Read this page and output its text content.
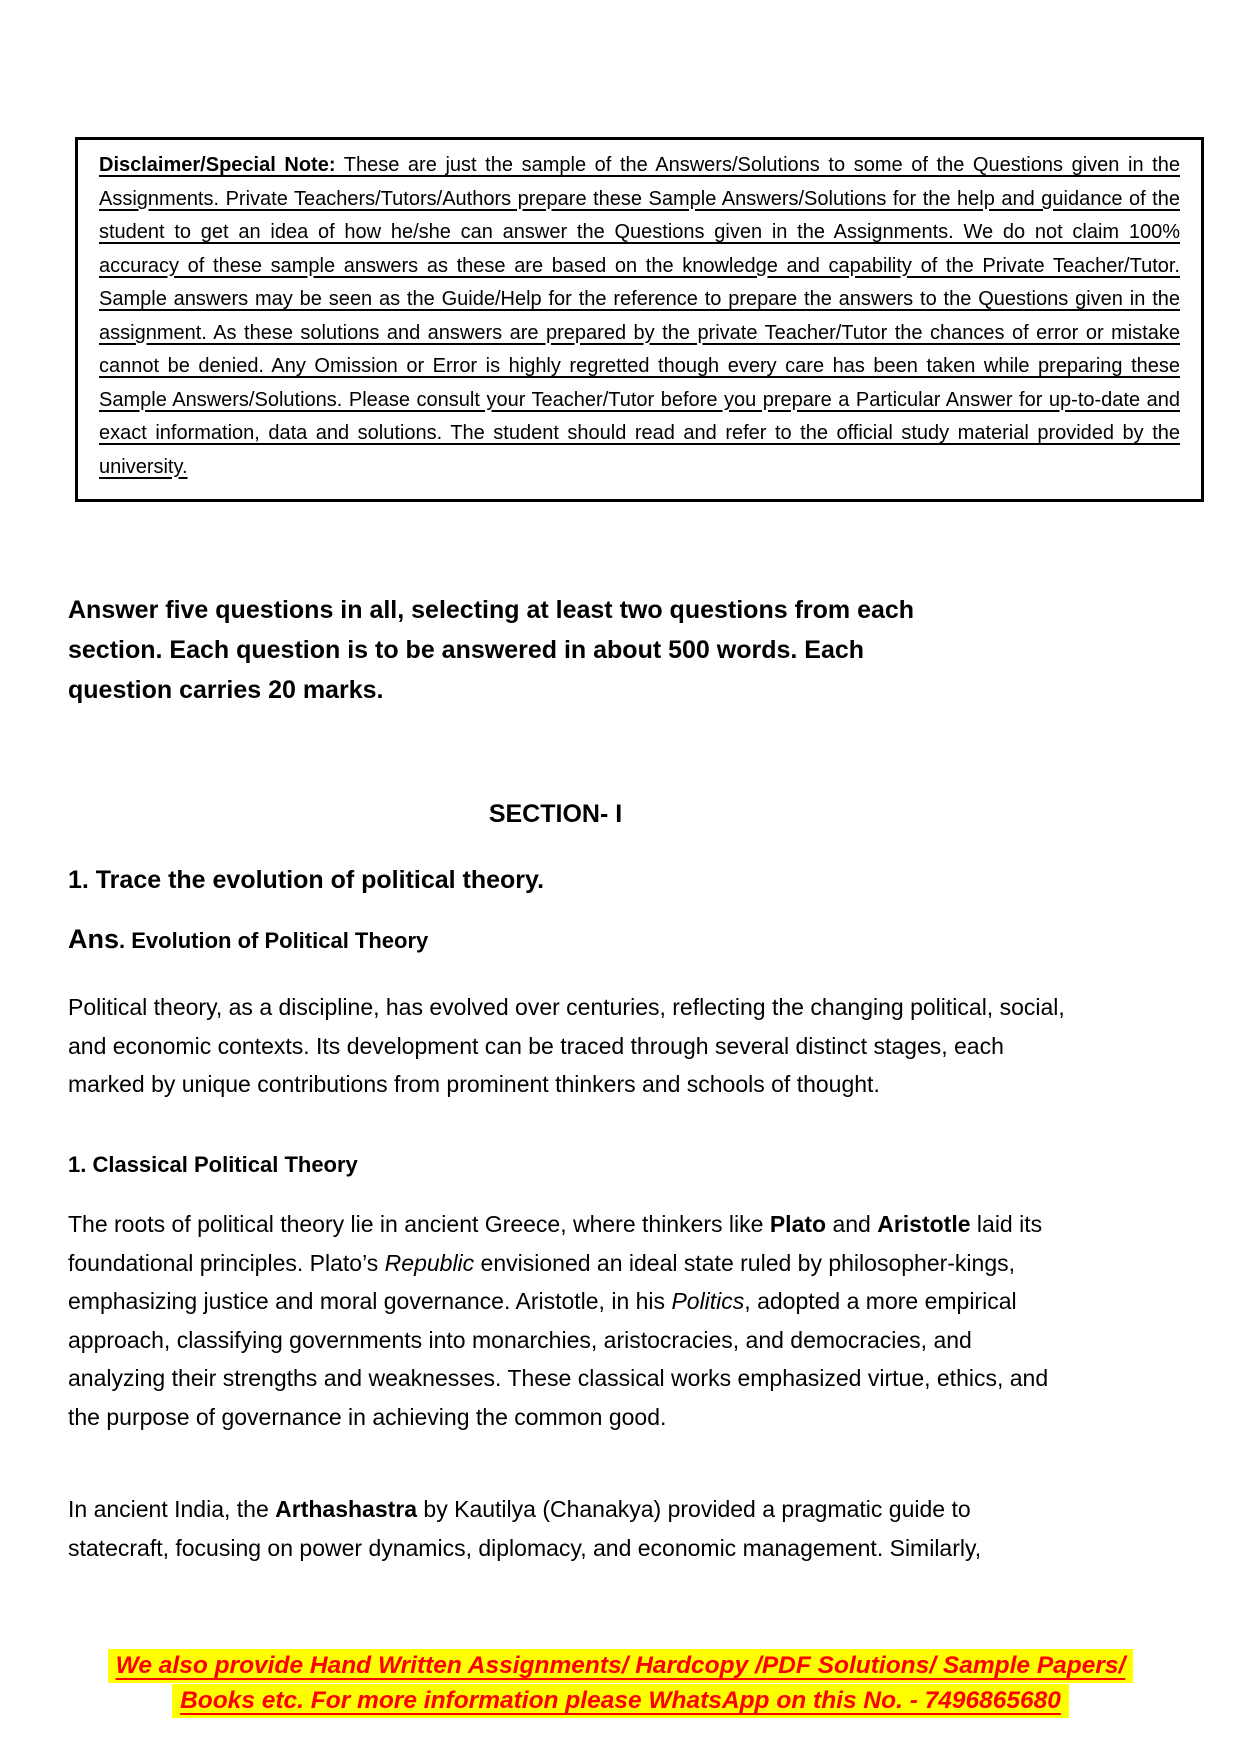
Disclaimer/Special Note: These are just the sample of the Answers/Solutions to some of the Questions given in the Assignments. Private Teachers/Tutors/Authors prepare these Sample Answers/Solutions for the help and guidance of the student to get an idea of how he/she can answer the Questions given in the Assignments. We do not claim 100% accuracy of these sample answers as these are based on the knowledge and capability of the Private Teacher/Tutor. Sample answers may be seen as the Guide/Help for the reference to prepare the answers to the Questions given in the assignment. As these solutions and answers are prepared by the private Teacher/Tutor the chances of error or mistake cannot be denied. Any Omission or Error is highly regretted though every care has been taken while preparing these Sample Answers/Solutions. Please consult your Teacher/Tutor before you prepare a Particular Answer for up-to-date and exact information, data and solutions. The student should read and refer to the official study material provided by the university.

Answer five questions in all, selecting at least two questions from each section. Each question is to be answered in about 500 words. Each question carries 20 marks.

SECTION- I
1. Trace the evolution of political theory.

Ans. Evolution of Political Theory

Political theory, as a discipline, has evolved over centuries, reflecting the changing political, social, and economic contexts. Its development can be traced through several distinct stages, each marked by unique contributions from prominent thinkers and schools of thought.

1. Classical Political Theory

The roots of political theory lie in ancient Greece, where thinkers like Plato and Aristotle laid its foundational principles. Plato’s Republic envisioned an ideal state ruled by philosopher-kings, emphasizing justice and moral governance. Aristotle, in his Politics, adopted a more empirical approach, classifying governments into monarchies, aristocracies, and democracies, and analyzing their strengths and weaknesses. These classical works emphasized virtue, ethics, and the purpose of governance in achieving the common good.

In ancient India, the Arthashastra by Kautilya (Chanakya) provided a pragmatic guide to statecraft, focusing on power dynamics, diplomacy, and economic management. Similarly,

We also provide Hand Written Assignments/ Hardcopy /PDF Solutions/ Sample Papers/
Books etc. For more information please WhatsApp on this No. - 7496865680
